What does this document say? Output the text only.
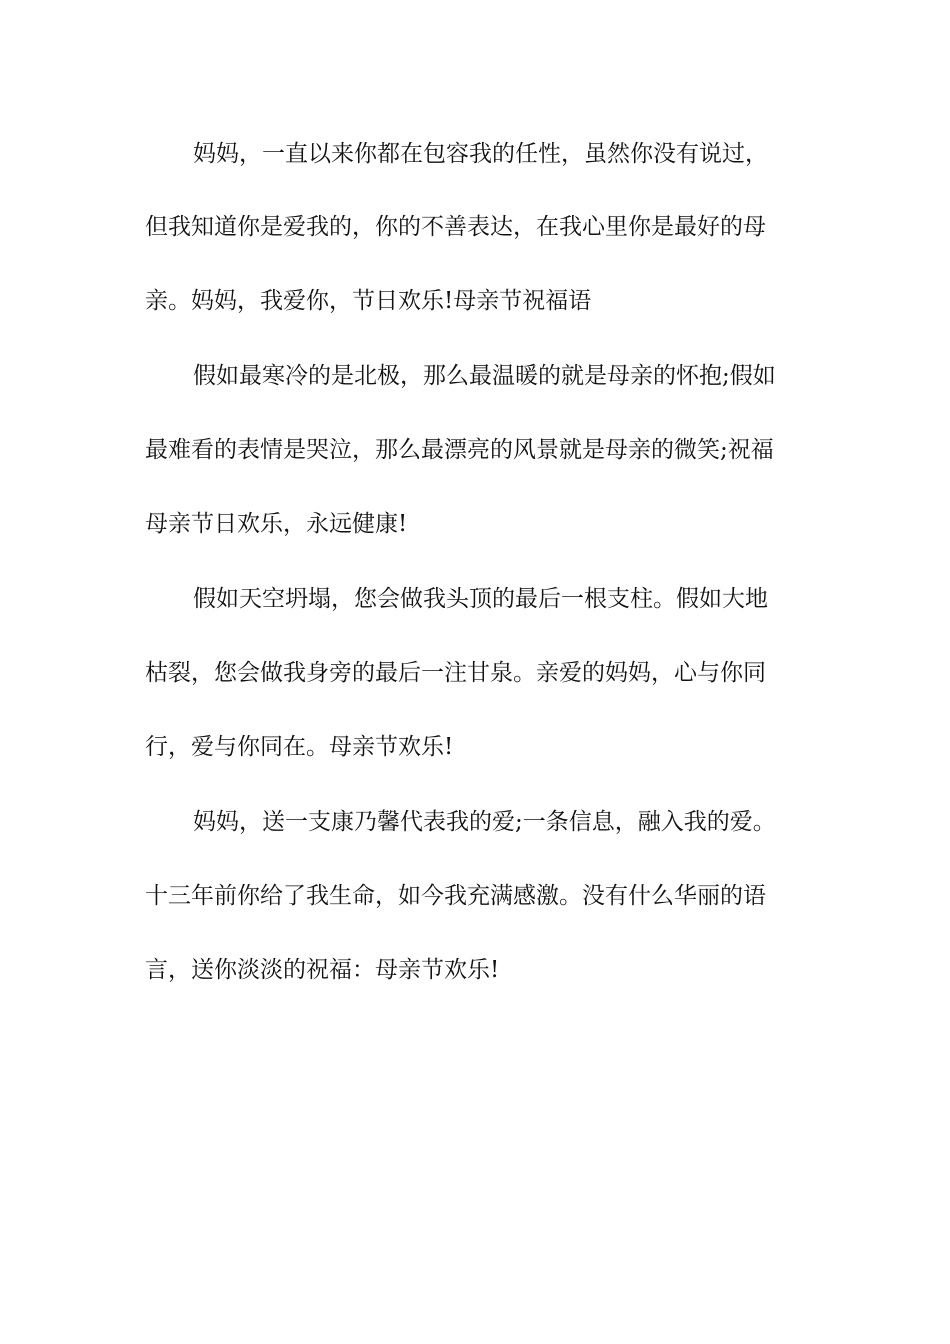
妈妈，一直以来你都在包容我的任性，虽然你没有说过，
但我知道你是爱我的，你的不善表达，在我心里你是最好的母
亲。妈妈，我爱你，节日欢乐!母亲节祝福语
假如最寒冷的是北极，那么最温暖的就是母亲的怀抱;假如
最难看的表情是哭泣，那么最漂亮的风景就是母亲的微笑;祝福
母亲节日欢乐，永远健康!
假如天空坍塌，您会做我头顶的最后一根支柱。假如大地
枯裂，您会做我身旁的最后一注甘泉。亲爱的妈妈，心与你同
行，爱与你同在。母亲节欢乐!
妈妈，送一支康乃馨代表我的爱;一条信息，融入我的爱。
十三年前你给了我生命，如今我充满感激。没有什么华丽的语
言，送你淡淡的祝福：母亲节欢乐!
